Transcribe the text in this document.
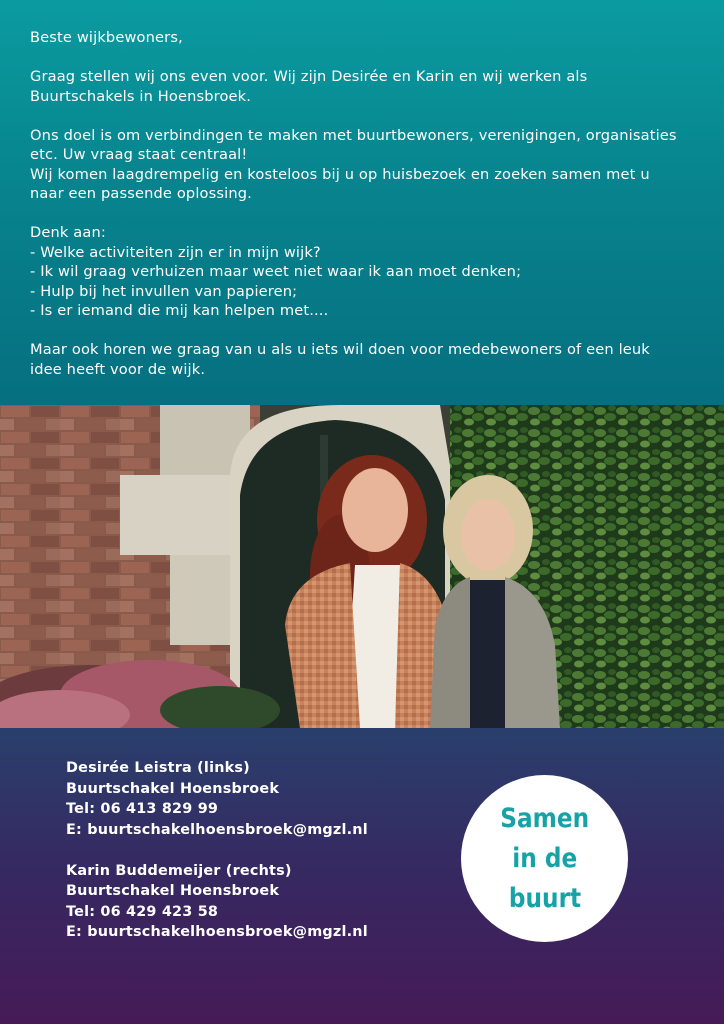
Beste wijkbewoners,

Graag stellen wij ons even voor. Wij zijn Desirée en Karin en wij werken als
Buurtschakels in Hoensbroek.

Ons doel is om verbindingen te maken met buurtbewoners, verenigingen, organisaties
etc. Uw vraag staat centraal!
Wij komen laagdrempelig en kosteloos bij u op huisbezoek en zoeken samen met u
naar een passende oplossing.

Denk aan:
- Welke activiteiten zijn er in mijn wijk?
- Ik wil graag verhuizen maar weet niet waar ik aan moet denken;
- Hulp bij het invullen van papieren;
- Is er iemand die mij kan helpen met....

Maar ook horen we graag van u als u iets wil doen voor medebewoners of een leuk
idee heeft voor de wijk.

Desirée Leistra (links)
Buurtschakel Hoensbroek
Tel: 06 413 829 99
E: buurtschakelhoensbroek@mgzl.nl
Karin Buddemeijer (rechts)
Buurtschakel Hoensbroek
Tel: 06 429 423 58
E: buurtschakelhoensbroek@mgzl.nl
Samen
in de
buurt
